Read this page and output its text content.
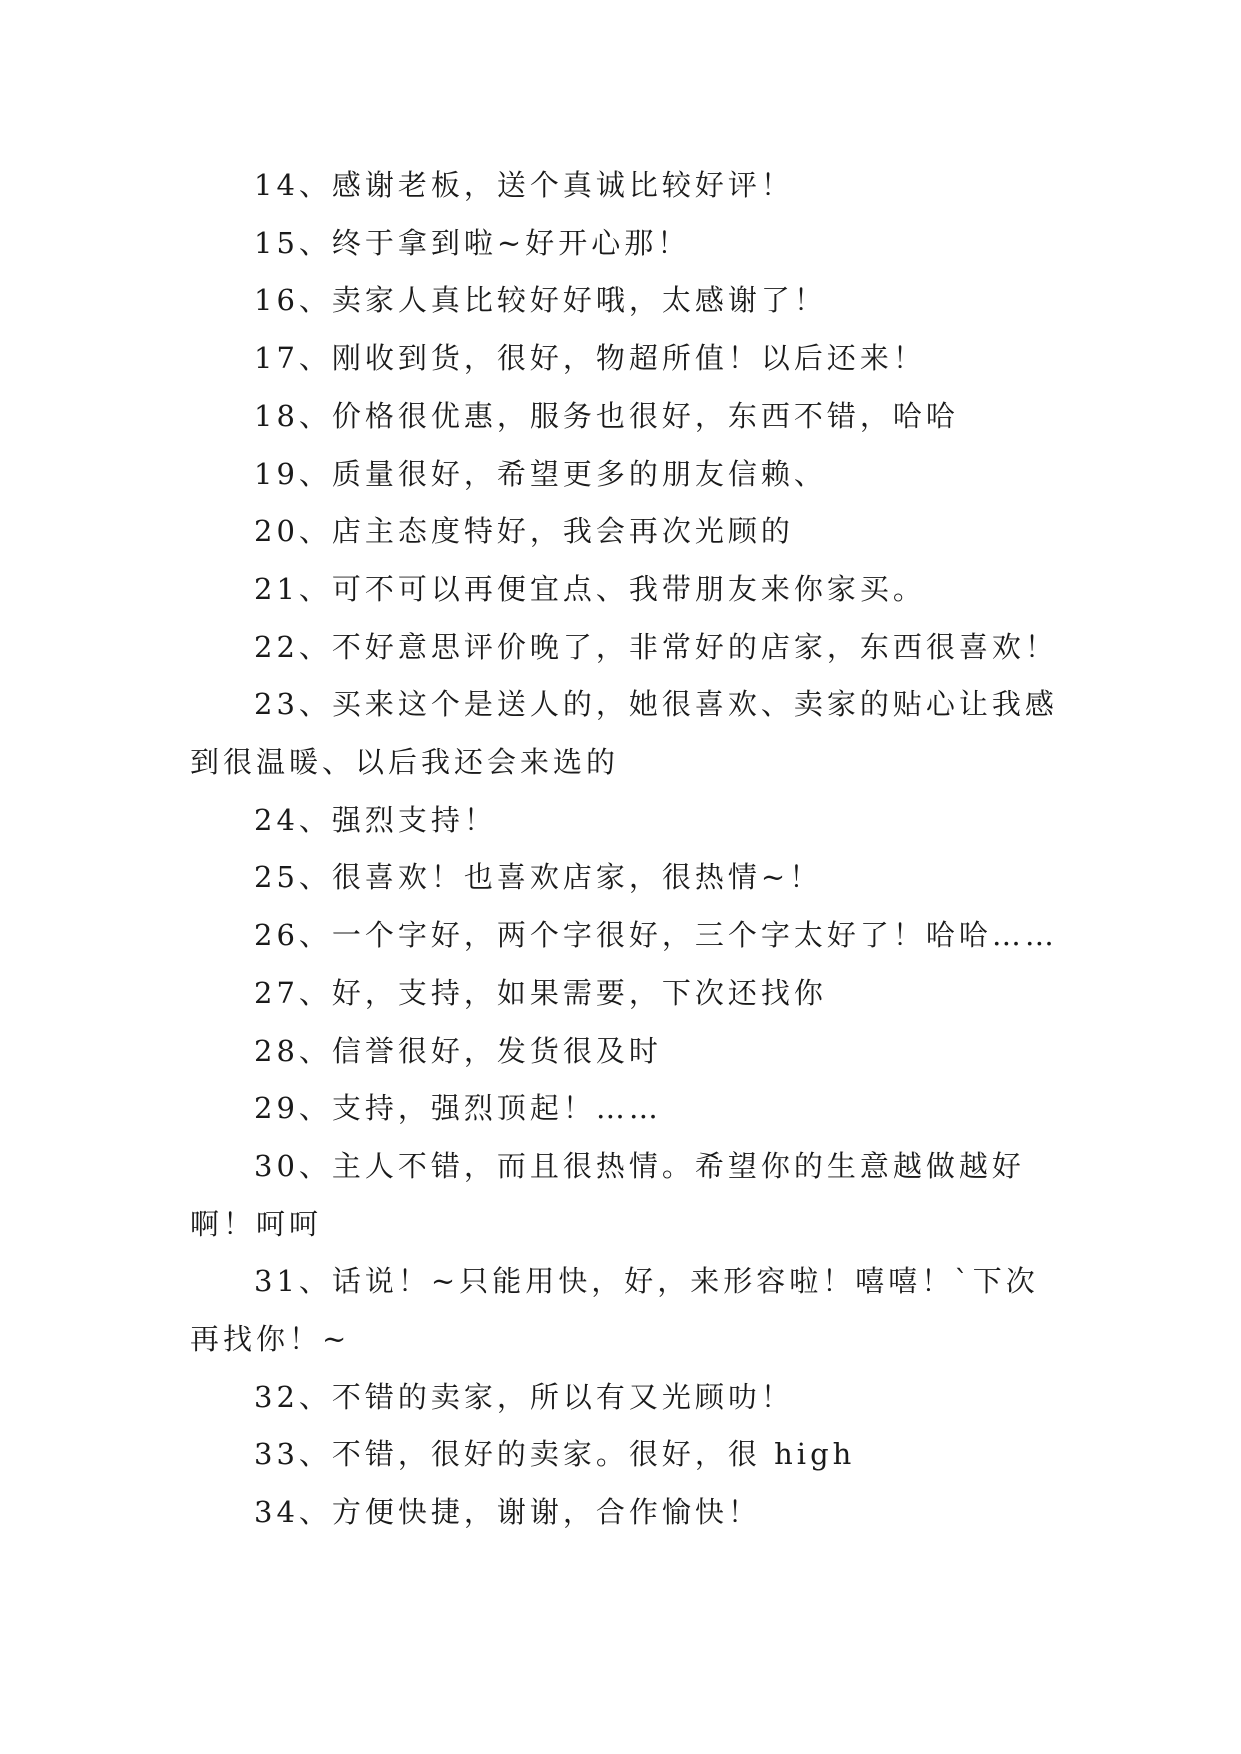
14、感谢老板，送个真诚比较好评！

15、终于拿到啦~好开心那！

16、卖家人真比较好好哦，太感谢了！

17、刚收到货，很好，物超所值！以后还来！

18、价格很优惠，服务也很好，东西不错，哈哈

19、质量很好，希望更多的朋友信赖、

20、店主态度特好，我会再次光顾的

21、可不可以再便宜点、我带朋友来你家买。

22、不好意思评价晚了，非常好的店家，东西很喜欢！

23、买来这个是送人的，她很喜欢、卖家的贴心让我感到很温暖、以后我还会来选的

24、强烈支持！

25、很喜欢！也喜欢店家，很热情~！

26、一个字好，两个字很好，三个字太好了！哈哈……

27、好，支持，如果需要，下次还找你

28、信誉很好，发货很及时

29、支持，强烈顶起！……

30、主人不错，而且很热情。希望你的生意越做越好啊！呵呵

31、话说！~只能用快，好，来形容啦！嘻嘻！`下次再找你！~

32、不错的卖家，所以有又光顾叻！

33、不错，很好的卖家。很好，很 high

34、方便快捷，谢谢，合作愉快！
